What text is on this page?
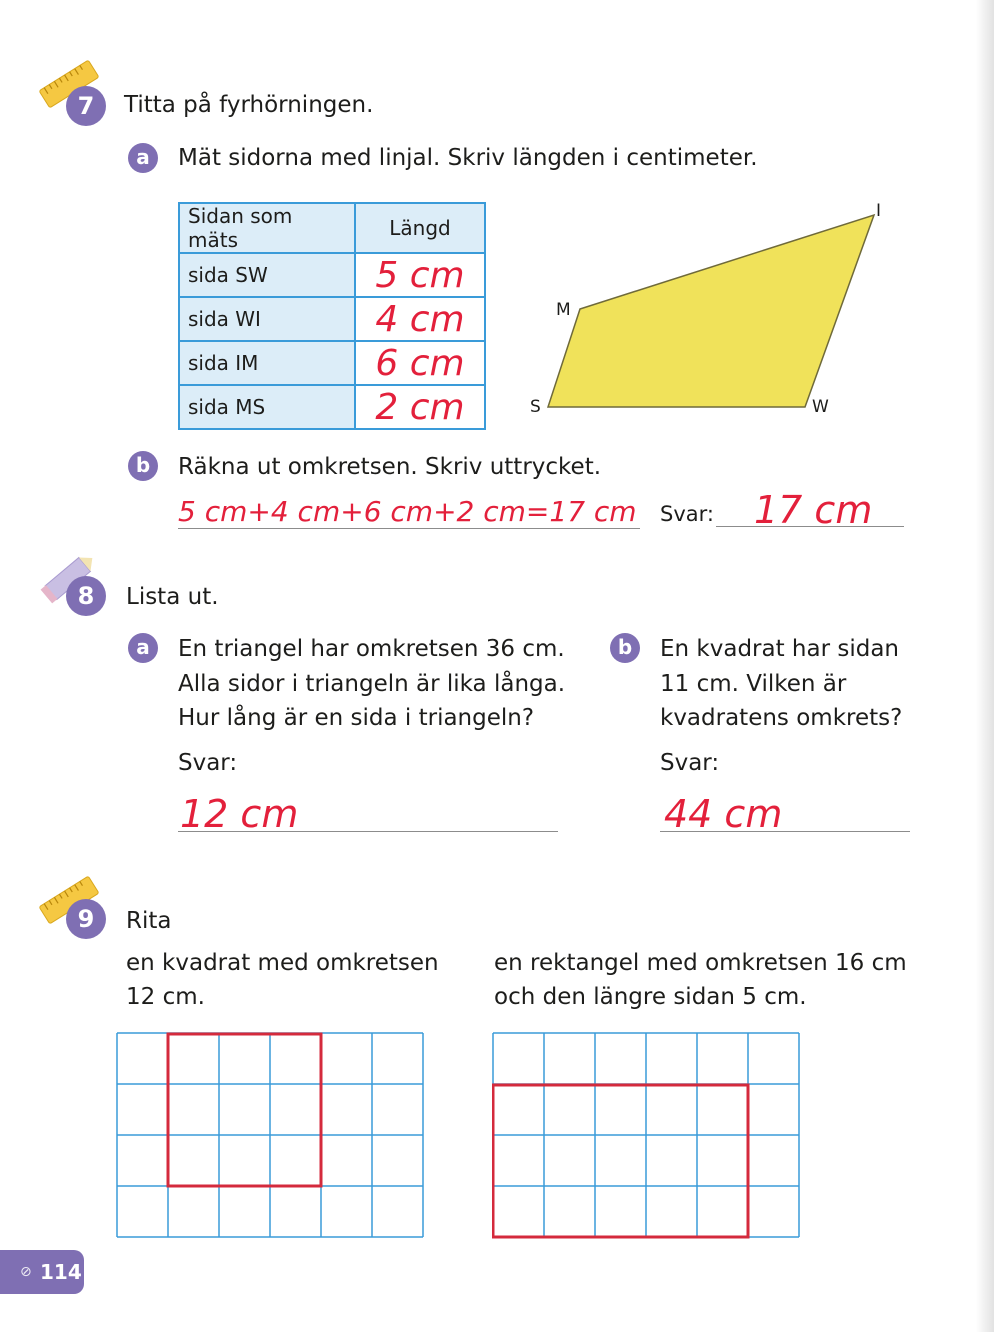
7	Titta på fyrhörningen.
a	Mät sidorna med linjal. Skriv längden i centimeter.
Sidan som mäts	Längd
sida SW	5 cm
sida WI	4 cm
sida IM	6 cm
sida MS	2 cm	S	W
I
M
b	Räkna ut omkretsen. Skriv uttrycket.
5 cm+4 cm+6 cm+2 cm=17 cm Svar: 17 cm
8	Lista ut.
a	En triangel har omkretsen 36 cm.
Alla sidor i triangeln är lika långa.
Hur lång är en sida i triangeln?
Svar:
12 cm
b	En kvadrat har sidan
11 cm. Vilken är
kvadratens omkrets?
Svar:
44 cm
9	Rita
en kvadrat med omkretsen
12 cm.
en rektangel med omkretsen 16 cm
och den längre sidan 5 cm.
⊘ 114
